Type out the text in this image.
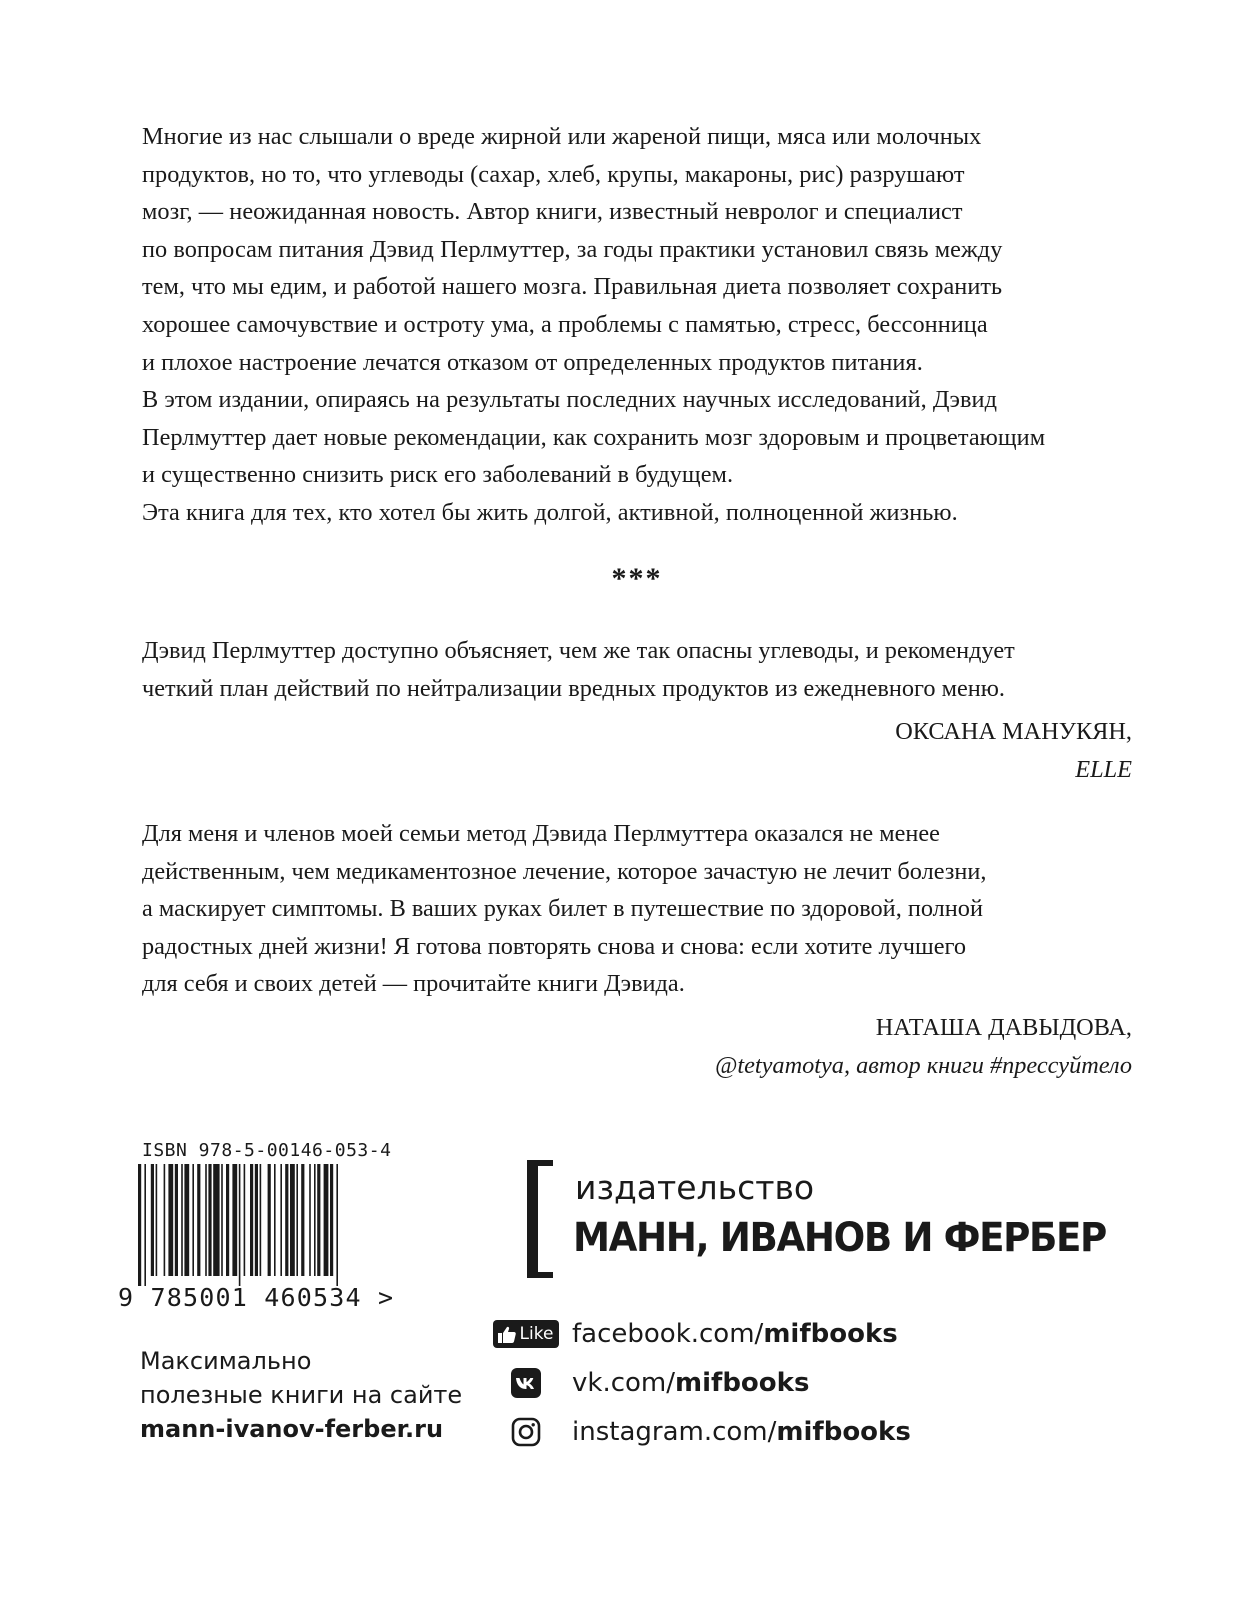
Многие из нас слышали о вреде жирной или жареной пищи, мяса или молочных
продуктов, но то, что углеводы (сахар, хлеб, крупы, макароны, рис) разрушают
мозг, — неожиданная новость. Автор книги, известный невролог и специалист
по вопросам питания Дэвид Перлмуттер, за годы практики установил связь между
тем, что мы едим, и работой нашего мозга. Правильная диета позволяет сохранить
хорошее самочувствие и остроту ума, а проблемы с памятью, стресс, бессонница
и плохое настроение лечатся отказом от определенных продуктов питания.
В этом издании, опираясь на результаты последних научных исследований, Дэвид
Перлмуттер дает новые рекомендации, как сохранить мозг здоровым и процветающим
и существенно снизить риск его заболеваний в будущем.
Эта книга для тех, кто хотел бы жить долгой, активной, полноценной жизнью.
***
Дэвид Перлмуттер доступно объясняет, чем же так опасны углеводы, и рекомендует
четкий план действий по нейтрализации вредных продуктов из ежедневного меню.
ОКСАНА МАНУКЯН,
ELLE
Для меня и членов моей семьи метод Дэвида Перлмуттера оказался не менее
действенным, чем медикаментозное лечение, которое зачастую не лечит болезни,
а маскирует симптомы. В ваших руках билет в путешествие по здоровой, полной
радостных дней жизни! Я готова повторять снова и снова: если хотите лучшего
для себя и своих детей — прочитайте книги Дэвида.
НАТАША ДАВЫДОВА,
@tetyamotya, автор книги #прессуйтело
ISBN 978-5-00146-053-4
9 785001 460534 >
Максимально
полезные книги на сайте
mann-ivanov-ferber.ru
издательство
МАНН, ИВАНОВ И ФЕРБЕР
Like facebook.com/ mifbooks
vk.com/ mifbooks
instagram.com/ mifbooks
